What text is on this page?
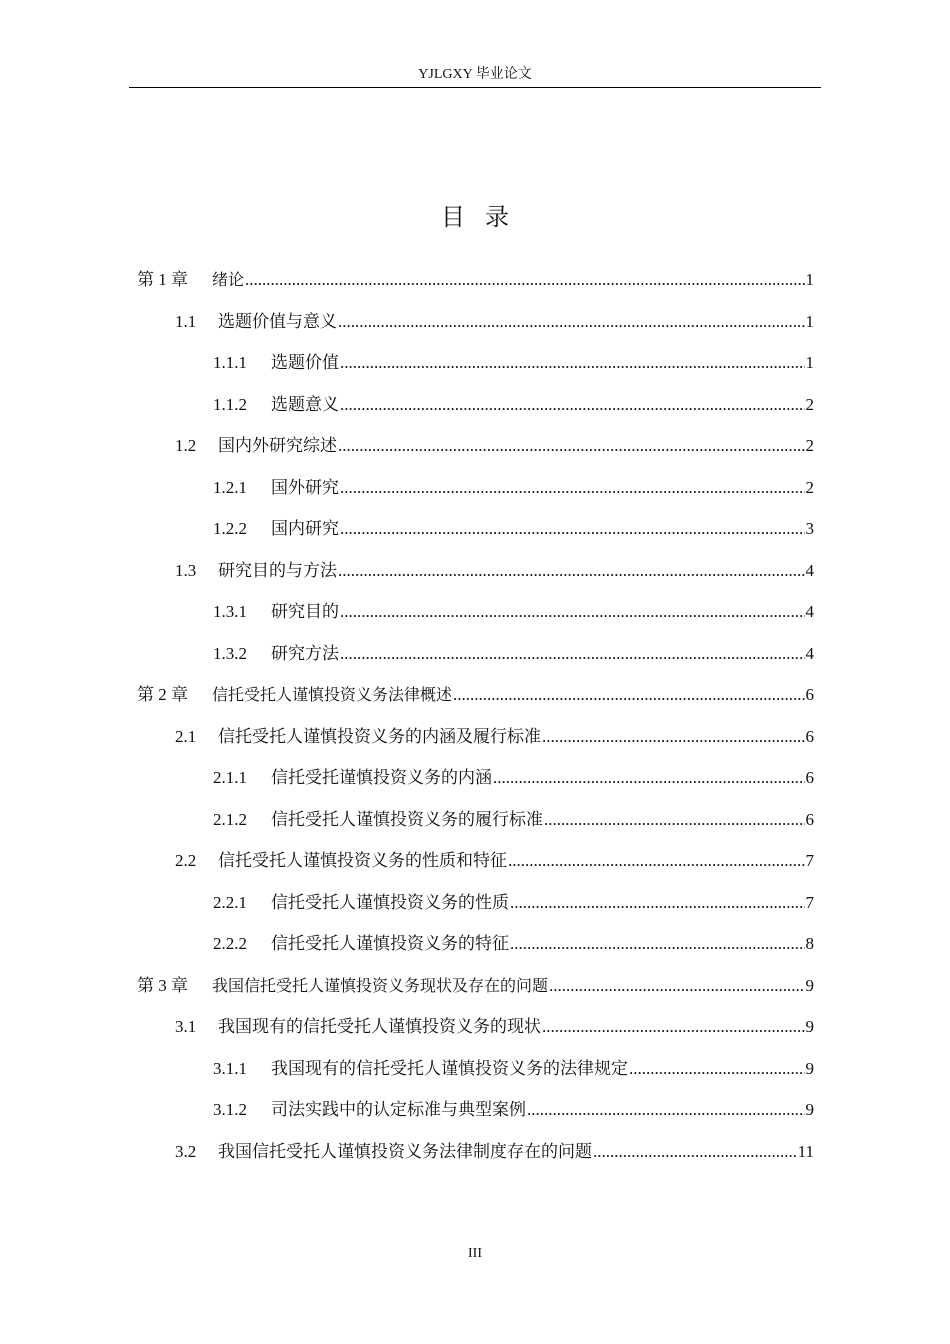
YJLGXY 毕业论文
目录
第 1 章	绪论 .....	1
1.1	选题价值与意义 .....	1
1.1.1	选题价值 .....	1
1.1.2	选题意义 .....	2
1.2	国内外研究综述 .....	2
1.2.1	国外研究 .....	2
1.2.2	国内研究 .....	3
1.3	研究目的与方法 .....	4
1.3.1	研究目的 .....	4
1.3.2	研究方法 .....	4
第 2 章	信托受托人谨慎投资义务法律概述 .....	6
2.1	信托受托人谨慎投资义务的内涵及履行标准 .....	6
2.1.1	信托受托谨慎投资义务的内涵 .....	6
2.1.2	信托受托人谨慎投资义务的履行标准 .....	6
2.2	信托受托人谨慎投资义务的性质和特征 .....	7
2.2.1	信托受托人谨慎投资义务的性质 .....	7
2.2.2	信托受托人谨慎投资义务的特征 .....	8
第 3 章	我国信托受托人谨慎投资义务现状及存在的问题 .....	9
3.1	我国现有的信托受托人谨慎投资义务的现状 .....	9
3.1.1	我国现有的信托受托人谨慎投资义务的法律规定 .....	9
3.1.2	司法实践中的认定标准与典型案例 .....	9
3.2	我国信托受托人谨慎投资义务法律制度存在的问题 .....	11
III
